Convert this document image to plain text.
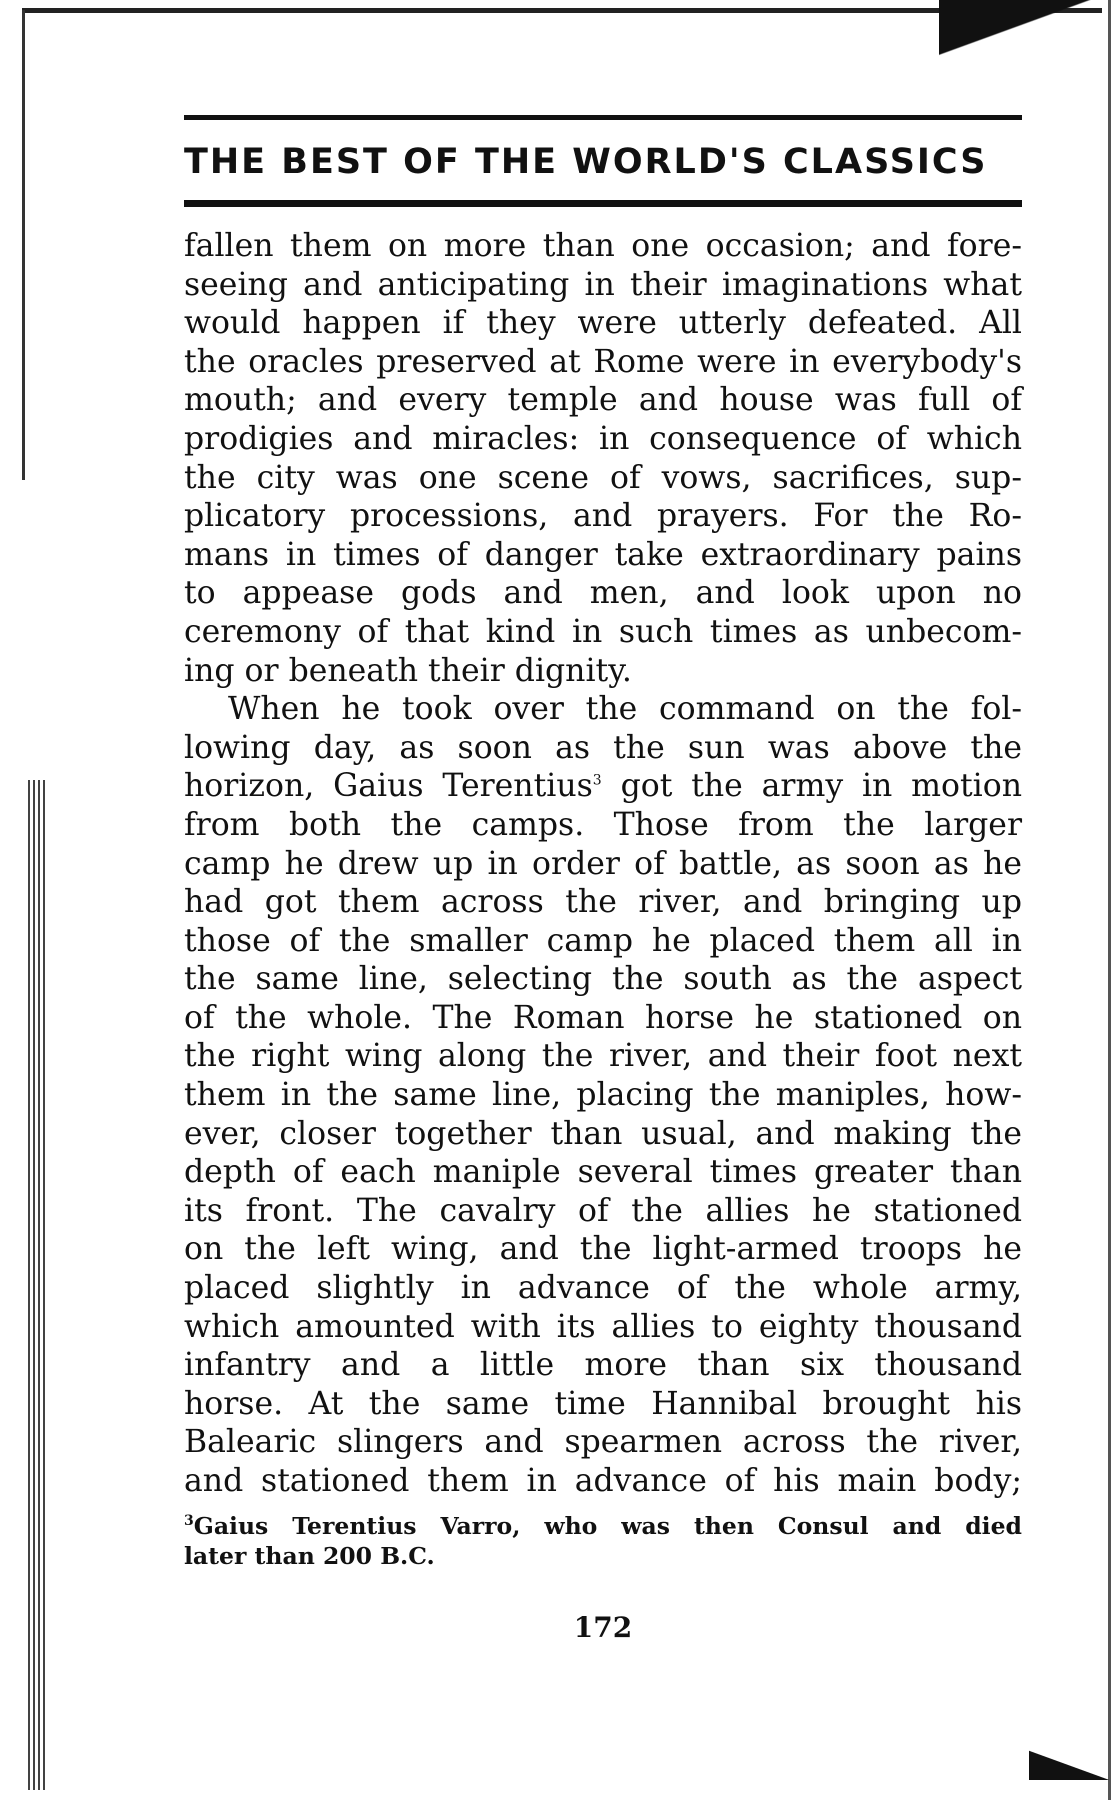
THE BEST OF THE WORLD'S CLASSICS
fallen them on more than one occasion; and fore-
seeing and anticipating in their imaginations what
would happen if they were utterly defeated. All
the oracles preserved at Rome were in everybody's
mouth; and every temple and house was full of
prodigies and miracles: in consequence of which
the city was one scene of vows, sacrifices, sup-
plicatory processions, and prayers. For the Ro-
mans in times of danger take extraordinary pains
to appease gods and men, and look upon no
ceremony of that kind in such times as unbecom-
ing or beneath their dignity.
When he took over the command on the fol-
lowing day, as soon as the sun was above the
horizon, Gaius Terentius$^3$ got the army in motion
from both the camps. Those from the larger
camp he drew up in order of battle, as soon as he
had got them across the river, and bringing up
those of the smaller camp he placed them all in
the same line, selecting the south as the aspect
of the whole. The Roman horse he stationed on
the right wing along the river, and their foot next
them in the same line, placing the maniples, how-
ever, closer together than usual, and making the
depth of each maniple several times greater than
its front. The cavalry of the allies he stationed
on the left wing, and the light-armed troops he
placed slightly in advance of the whole army,
which amounted with its allies to eighty thousand
infantry and a little more than six thousand
horse. At the same time Hannibal brought his
Balearic slingers and spearmen across the river,
and stationed them in advance of his main body;
$^3$Gaius Terentius Varro, who was then Consul and died
later than 200 B.C.
172
